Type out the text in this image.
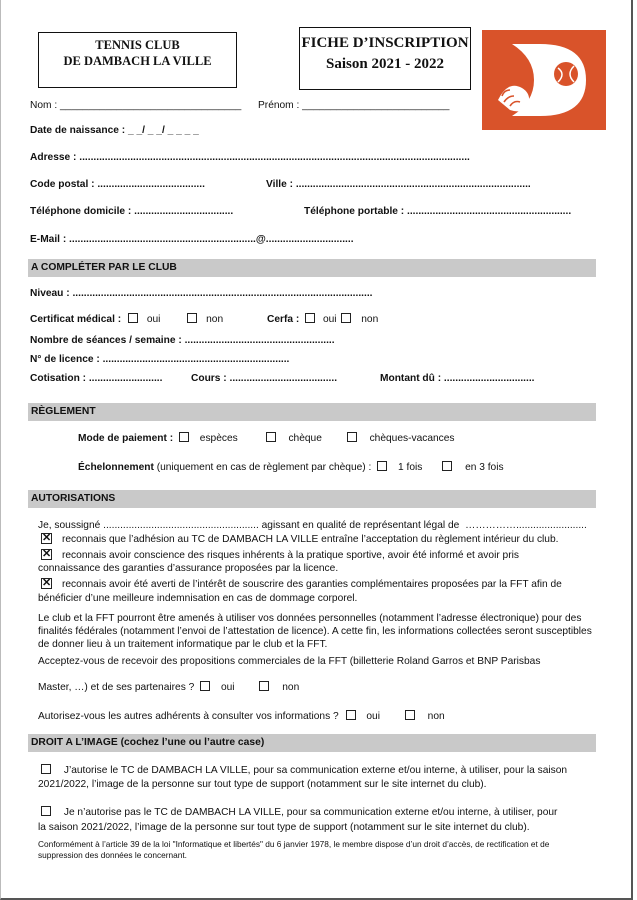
TENNIS CLUB
DE DAMBACH LA VILLE
FICHE D’INSCRIPTION
Saison 2021 - 2022
Nom : ________________________________ Prénom : __________________________
Date de naissance : _ _/ _ _/ _ _ _ _
Adresse : ..........................................................................................................................................
Code postal : ......................................	Ville : ...................................................................................
Téléphone domicile : ...................................	Téléphone portable : ..........................................................
E-Mail : ..................................................................@...............................
A COMPLÉTER PAR LE CLUB
Niveau : ..........................................................................................................
Certificat médical :	oui	non	Cerfa : oui non
Nombre de séances / semaine : .....................................................
N° de licence : ..................................................................
Cotisation : ..........................	Cours : ......................................	Montant dû : ................................
RÈGLEMENT
Mode de paiement :	espèces	chèque	chèques-vacances
Échelonnement (uniquement en cas de règlement par chèque) :	1 fois	en 3 fois
AUTORISATIONS
Je, soussigné ....................................................... agissant en qualité de représentant légal de …………….........................
✕ reconnais que l’adhésion au TC de DAMBACH LA VILLE entraîne l’acceptation du règlement intérieur du club.
✕ reconnais avoir conscience des risques inhérents à la pratique sportive, avoir été informé et avoir pris
connaissance des garanties d’assurance proposées par la licence.
✕ reconnais avoir été averti de l’intérêt de souscrire des garanties complémentaires proposées par la FFT afin de
bénéficier d’une meilleure indemnisation en cas de dommage corporel.
Le club et la FFT pourront être amenés à utiliser vos données personnelles (notamment l’adresse électronique) pour des finalités fédérales (notamment l’envoi de l’attestation de licence). A cette fin, les informations collectées seront susceptibles de donner lieu à un traitement informatique par le club et la FFT.
Acceptez-vous de recevoir des propositions commerciales de la FFT (billetterie Roland Garros et BNP Parisbas
Master, …) et de ses partenaires ?	oui	non
Autorisez-vous les autres adhérents à consulter vos informations ?	oui	non
DROIT A L’IMAGE (cochez l’une ou l’autre case)
J’autorise le TC de DAMBACH LA VILLE, pour sa communication externe et/ou interne, à utiliser, pour la saison
2021/2022, l’image de la personne sur tout type de support (notamment sur le site internet du club).
Je n’autorise pas le TC de DAMBACH LA VILLE, pour sa communication externe et/ou interne, à utiliser, pour
la saison 2021/2022, l’image de la personne sur tout type de support (notamment sur le site internet du club).
Conformément à l’article 39 de la loi "Informatique et libertés" du 6 janvier 1978, le membre dispose d’un droit d’accès, de rectification et de suppression des données le concernant.
